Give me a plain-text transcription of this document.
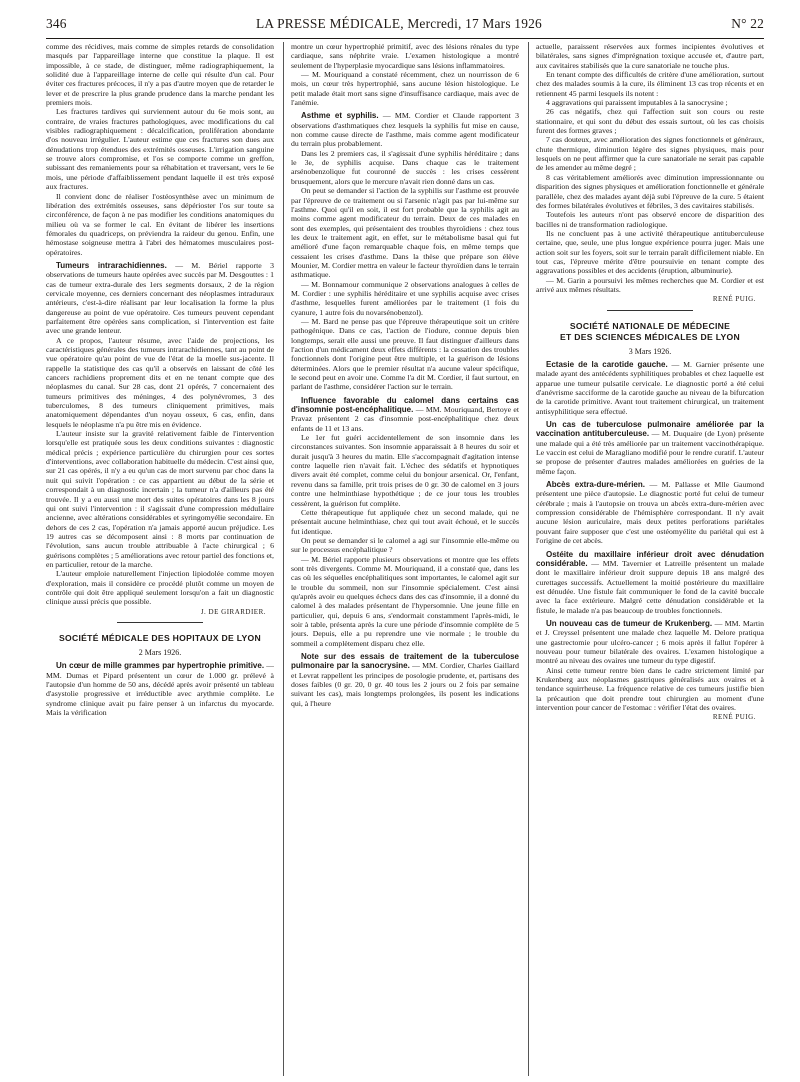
346	LA PRESSE MÉDICALE, Mercredi, 17 Mars 1926	N° 22

comme des récidives, mais comme de simples retards de consolidation masqués par l'appareillage interne que constitue la plaque. Il est impossible, à ce stade, de distinguer, même radiographiquement, la solidité due à l'appareillage interne de celle qui résulte d'un cal. Pour éviter ces fractures précoces, il n'y a pas d'autre moyen que de retarder le lever et de prescrire la plus grande prudence dans la marche pendant les premiers mois.

Les fractures tardives qui surviennent autour du 6e mois sont, au contraire, de vraies fractures pathologiques, avec modifications du cal visibles radiographiquement : décalcification, prolifération abondante d'os nouveau irrégulier. L'auteur estime que ces fractures son dues aux dénudations trop étendues des extrémités osseuses. L'irrigation sanguine se trouve alors compromise, et l'os se comporte comme un greffon, subissant des remaniements pour sa réhabitation et traversant, vers le 6e mois, une période d'affaiblissement pendant laquelle il est très exposé aux fractures.

Il convient donc de réaliser l'ostéosynthèse avec un minimum de libération des extrémités osseuses, sans dépérioster l'os sur toute sa circonférence, de façon à ne pas modifier les conditions anatomiques du milieu où va se former le cal. En évitant de libérer les insertions fémorales du quadriceps, on préviendra la raideur du genou. Enfin, une hémostase soigneuse mettra à l'abri des hématomes musculaires post-opératoires.

Tumeurs intrarachidiennes. — M. Bériel rapporte 3 observations de tumeurs haute opérées avec succès par M. Desgouttes : 1 cas de tumeur extra-durale des 1ers segments dorsaux, 2 de la région cervicale moyenne, ces derniers concernant des néoplasmes intraduraux antérieurs, c'est-à-dire réalisant par leur localisation la forme la plus dangereuse au point de vue opératoire. Ces tumeurs peuvent cependant parfaitement être opérées sans complication, si l'intervention est faite avec une grande lenteur.

A ce propos, l'auteur résume, avec l'aide de projections, les caractéristiques générales des tumeurs intrarachidiennes, tant au point de vue opératoire qu'au point de vue de l'état de la moelle sus-jacente. Il rappelle la statistique des cas qu'il a observés en laissant de côté les cancers rachidiens proprement dits et en ne tenant compte que des néoplasmes du canal. Sur 28 cas, dont 21 opérés, 7 concernaient des tumeurs primitives des méninges, 4 des polynévromes, 3 des tuberculomes, 8 des tumeurs cliniquement primitives, mais anatomiquement dépendantes d'un noyau osseux, 6 cas, enfin, dans lesquels le néoplasme n'a pu être mis en évidence.

L'auteur insiste sur la gravité relativement faible de l'intervention lorsqu'elle est pratiquée sous les deux conditions suivantes : diagnostic médical précis ; expérience particulière du chirurgien pour ces sortes d'interventions, avec collaboration habituelle du médecin. C'est ainsi que, sur 21 cas opérés, il n'y a eu qu'un cas de mort survenu par choc dans la nuit qui suivit l'opération : ce cas appartient au début de la série et correspondait à un diagnostic incertain ; la tumeur n'a d'ailleurs pas été trouvée. Il y a eu aussi une mort des suites opératoires dans les 8 jours qui ont suivi l'intervention : il s'agissait d'une compression médullaire ancienne, avec altérations considérables et syringomyélie secondaire. En dehors de ces 2 cas, l'opération n'a jamais apporté aucun préjudice. Les 19 autres cas se décomposent ainsi : 8 morts par continuation de l'évolution, sans aucun trouble attribuable à l'acte chirurgical ; 6 guérisons complètes ; 5 améliorations avec retour partiel des fonctions et, en particulier, retour de la marche.

L'auteur emploie naturellement l'injection lipiodolée comme moyen d'exploration, mais il considère ce procédé plutôt comme un moyen de contrôle qui doit être appliqué seulement lorsqu'on a fait un diagnostic clinique aussi précis que possible.

J. DE GIRARDIER.

SOCIÉTÉ MÉDICALE DES HOPITAUX DE LYON

2 Mars 1926.

Un cœur de mille grammes par hypertrophie primitive. — MM. Dumas et Pipard présentent un cœur de 1.000 gr. prélevé à l'autopsie d'un homme de 50 ans, décédé après avoir présenté un tableau d'asystolie progressive et irréductible avec arythmie complète. Le syndrome clinique avait pu faire penser à un infarctus du myocarde. Mais la vérification

montre un cœur hypertrophié primitif, avec des lésions rénales du type cardiaque, sans néphrite vraie. L'examen histologique a montré seulement de l'hyperplasie myocardique sans lésions inflammatoires.

— M. Mouriquand a constaté récemment, chez un nourrisson de 6 mois, un cœur très hypertrophié, sans aucune lésion histologique. Le petit malade était mort sans signe d'insuffisance cardiaque, mais avec de l'anémie.

Asthme et syphilis. — MM. Cordier et Claude rapportent 3 observations d'asthmatiques chez lesquels la syphilis fut mise en cause, non comme cause directe de l'asthme, mais comme agent modificateur du terrain plus probablement.

Dans les 2 premiers cas, il s'agissait d'une syphilis héréditaire ; dans le 3e, de syphilis acquise. Dans chaque cas le traitement arsénobenzolique fut couronné de succès : les crises cessèrent brusquement, alors que le mercure n'avait rien donné dans un cas.

On peut se demander si l'action de la syphilis sur l'asthme est prouvée par l'épreuve de ce traitement ou si l'arsenic n'agit pas par lui-même sur l'asthme. Quoi qu'il en soit, il est fort probable que la syphilis agit au moins comme agent modificateur du terrain. Deux de ces malades en sont des exemples, qui présentaient des troubles thyroïdiens : chez tous les deux le traitement agit, en effet, sur le métabolisme basal qui fut amélioré d'une façon remarquable chaque fois, en même temps que cessaient les crises d'asthme. Dans la thèse que prépare son élève Mounier, M. Cordier mettra en valeur le facteur thyroïdien dans le terrain asthmatique.

— M. Bonnamour communique 2 observations analogues à celles de M. Cordier : une syphilis héréditaire et une syphilis acquise avec crises d'asthme, lesquelles furent améliorées par le traitement (1 fois du cyanure, 1 autre fois du novarsénobenzol).

— M. Bard ne pense pas que l'épreuve thérapeutique soit un critère pathogénique. Dans ce cas, l'action de l'iodure, connue depuis bien longtemps, serait elle aussi une preuve. Il faut distinguer d'ailleurs dans l'action d'un médicament deux effets différents : la cessation des troubles fonctionnels dont l'origine peut être multiple, et la guérison de lésions déterminées. Alors que le premier résultat n'a aucune valeur spécifique, le second peut en avoir une. Comme l'a dit M. Cordier, il faut surtout, en parlant de l'asthme, considérer l'action sur le terrain.

Influence favorable du calomel dans certains cas d'insomnie post-encéphalitique. — MM. Mouriquand, Bertoye et Pravaz présentent 2 cas d'insomnie post-encéphalitique chez deux enfants de 11 et 13 ans.

Le 1er fut guéri accidentellement de son insomnie dans les circonstances suivantes. Son insomnie apparaissait à 8 heures du soir et durait jusqu'à 3 heures du matin. Elle s'accompagnait d'agitation intense contre laquelle rien n'avait fait. L'échec des sédatifs et hypnotiques divers avait été complet, comme celui du bonjour arsenical. Or, l'enfant, revenu dans sa famille, prit trois prises de 0 gr. 30 de calomel en 3 jours contre une helminthiase hypothétique ; de ce jour tous les troubles cessèrent, la guérison fut complète.

Cette thérapeutique fut appliquée chez un second malade, qui ne présentait aucune helminthiase, chez qui tout avait échoué, et le succès fut identique.

On peut se demander si le calomel a agi sur l'insomnie elle-même ou sur le processus encéphalitique ?

— M. Bériel rapporte plusieurs observations et montre que les effets sont très divergents. Comme M. Mouriquand, il a constaté que, dans les cas où les séquelles encéphalitiques sont importantes, le calomel agit sur le trouble du sommeil, non sur l'insomnie spécialement. C'est ainsi qu'après avoir eu quelques échecs dans des cas d'insomnie, il a donné du calomel à des malades présentant de l'hypersomnie. Une jeune fille en particulier, qui, depuis 6 ans, s'endormait constamment l'après-midi, le soir à table, présenta après la cure une période d'insomnie complète de 5 jours. Depuis, elle a pu reprendre une vie normale ; le trouble du sommeil a complètement disparu chez elle.

Note sur des essais de traitement de la tuberculose pulmonaire par la sanocrysine. — MM. Cordier, Charles Gaillard et Levrat rappellent les principes de posologie prudente, et, partisans des doses faibles (0 gr. 20, 0 gr. 40 tous les 2 jours ou 2 fois par semaine suivant les cas), mais longtemps prolongées, ils posent les indications qui, à l'heure

actuelle, paraissent réservées aux formes incipientes évolutives et bilatérales, sans signes d'imprégnation toxique accusée et, d'autre part, aux cavitaires stabilisés que la cure sanatoriale ne touche plus.

En tenant compte des difficultés de critère d'une amélioration, surtout chez des malades soumis à la cure, ils éliminent 13 cas trop récents et en retiennent 45 parmi lesquels ils notent :

4 aggravations qui paraissent imputables à la sanocrysine ;

26 cas négatifs, chez qui l'affection suit son cours ou reste stationnaire, et qui sont du début des essais surtout, où les cas choisis furent des formes graves ;

7 cas douteux, avec amélioration des signes fonctionnels et généraux, chute thermique, diminution légère des signes physiques, mais pour lesquels on ne peut affirmer que la cure sanatoriale ne serait pas capable de les amender au même degré ;

8 cas véritablement améliorés avec diminution impressionnante ou disparition des signes physiques et amélioration fonctionnelle et générale parallèle, chez des malades ayant déjà subi l'épreuve de la cure. 5 étaient des formes bilatérales évolutives et fébriles, 3 des cavitaires stabilisés.

Toutefois les auteurs n'ont pas observé encore de disparition des bacilles ni de transformation radiologique.

Ils ne concluent pas à une activité thérapeutique antituberculeuse certaine, que, seule, une plus longue expérience pourra juger. Mais une action soit sur les foyers, soit sur le terrain paraît difficilement niable. En tout cas, l'épreuve mérite d'être poursuivie en tenant compte des aggravations possibles et des accidents (éruption, albuminurie).

— M. Garin a poursuivi les mêmes recherches que M. Cordier et est arrivé aux mêmes résultats.

RENÉ PUIG.

SOCIÉTÉ NATIONALE DE MÉDECINE
ET DES SCIENCES MÉDICALES DE LYON

3 Mars 1926.

Ectasie de la carotide gauche. — M. Garnier présente une malade ayant des antécédents syphilitiques probables et chez laquelle est apparue une tumeur pulsatile cervicale. Le diagnostic porté a été celui d'anévrisme sacciforme de la carotide gauche au niveau de la bifurcation de la carotide primitive. Avant tout traitement chirurgical, un traitement antisyphilitique sera effectué.

Un cas de tuberculose pulmonaire améliorée par la vaccination antituberculeuse. — M. Duquaire (de Lyon) présente une malade qui a été très améliorée par un traitement vaccinothérapique. Le vaccin est celui de Maragliano modifié pour le rendre curatif. L'auteur se propose de présenter d'autres malades améliorées en guéries de la même façon.

Abcès extra-dure-mérien. — M. Pallasse et Mlle Gaumond présentent une pièce d'autopsie. Le diagnostic porté fut celui de tumeur cérébrale ; mais à l'autopsie on trouva un abcès extra-dure-mérien avec compression considérable de l'hémisphère correspondant. Il n'y avait aucune lésion auriculaire, mais deux petites perforations pariétales pouvant faire supposer que c'est une ostéomyélite du pariétal qui est à l'origine de cet abcès.

Ostéite du maxillaire inférieur droit avec dénudation considérable. — MM. Tavernier et Latreille présentent un malade dont le maxillaire inférieur droit suppure depuis 18 ans malgré des curettages successifs. Actuellement la moitié postérieure du maxillaire est dénudée. Une fistule fait communiquer le fond de la cavité buccale avec la face extérieure. Malgré cette dénudation considérable et la fistule, le malade n'a pas beaucoup de troubles fonctionnels.

Un nouveau cas de tumeur de Krukenberg. — MM. Martin et J. Creyssel présentent une malade chez laquelle M. Delore pratiqua une gastrectomie pour ulcéro-cancer ; 6 mois après il fallut l'opérer à nouveau pour tumeur bilatérale des ovaires. L'examen histologique a montré au niveau des ovaires une tumeur du type digestif.

Ainsi cette tumeur rentre bien dans le cadre strictement limité par Krukenberg aux néoplasmes gastriques généralisés aux ovaires et à tendance squirrheuse. La fréquence relative de ces tumeurs justifie bien la précaution que doit prendre tout chirurgien au moment d'une intervention pour cancer de l'estomac : vérifier l'état des ovaires.

RENÉ PUIG.
